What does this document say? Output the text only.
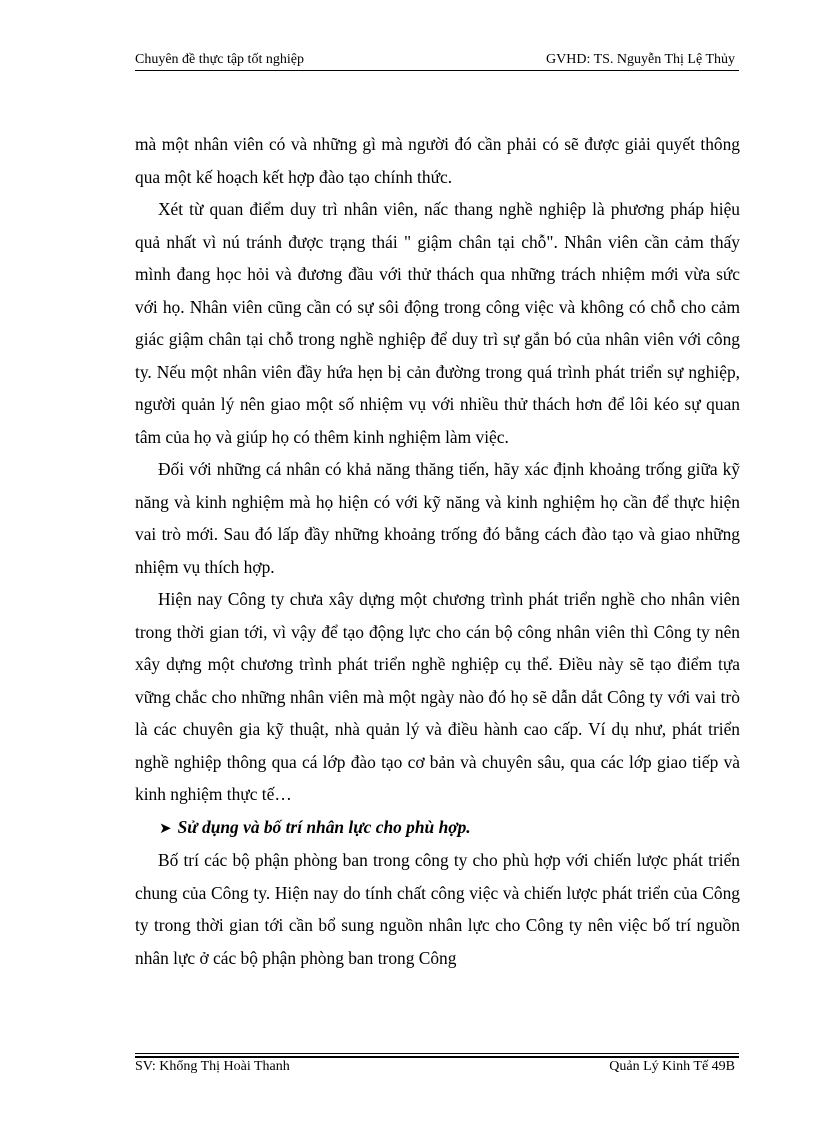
Chuyên đề thực tập tốt nghiệp	GVHD: TS. Nguyễn Thị Lệ Thủy

mà một nhân viên có và những gì mà người đó cần phải có sẽ được giải quyết thông qua một kế hoạch kết hợp đào tạo chính thức.

Xét từ quan điểm duy trì nhân viên, nấc thang nghề nghiệp là phương pháp hiệu quả nhất vì nú tránh được trạng thái " giậm chân tại chỗ". Nhân viên cần cảm thấy mình đang học hỏi và đương đầu với thử thách qua những trách nhiệm mới vừa sức với họ. Nhân viên cũng cần có sự sôi động trong công việc và không có chỗ cho cảm giác giậm chân tại chỗ trong nghề nghiệp để duy trì sự gắn bó của nhân viên với công ty. Nếu một nhân viên đầy hứa hẹn bị cản đường trong quá trình phát triển sự nghiệp, người quản lý nên giao một số nhiệm vụ với nhiều thử thách hơn để lôi kéo sự quan tâm của họ và giúp họ có thêm kinh nghiệm làm việc.

Đối với những cá nhân có khả năng thăng tiến, hãy xác định khoảng trống giữa kỹ năng và kinh nghiệm mà họ hiện có với kỹ năng và kinh nghiệm họ cần để thực hiện vai trò mới. Sau đó lấp đầy những khoảng trống đó bằng cách đào tạo và giao những nhiệm vụ thích hợp.

Hiện nay Công ty chưa xây dựng một chương trình phát triển nghề cho nhân viên trong thời gian tới, vì vậy để tạo động lực cho cán bộ công nhân viên thì Công ty nên xây dựng một chương trình phát triển nghề nghiệp cụ thể. Điều này sẽ tạo điểm tựa vững chắc cho những nhân viên mà một ngày nào đó họ sẽ dẫn dắt Công ty với vai trò là các chuyên gia kỹ thuật, nhà quản lý và điều hành cao cấp. Ví dụ như, phát triển nghề nghiệp thông qua cá lớp đào tạo cơ bản và chuyên sâu, qua các lớp giao tiếp và kinh nghiệm thực tế…

➤ Sử dụng và bố trí nhân lực cho phù hợp.

Bố trí các bộ phận phòng ban trong công ty cho phù hợp với chiến lược phát triển chung của Công ty. Hiện nay do tính chất công việc và chiến lược phát triển của Công ty trong thời gian tới cần bổ sung nguồn nhân lực cho Công ty nên việc bố trí nguồn nhân lực ở các bộ phận phòng ban trong Công

SV: Khổng Thị Hoài Thanh	Quản Lý Kinh Tế 49B
